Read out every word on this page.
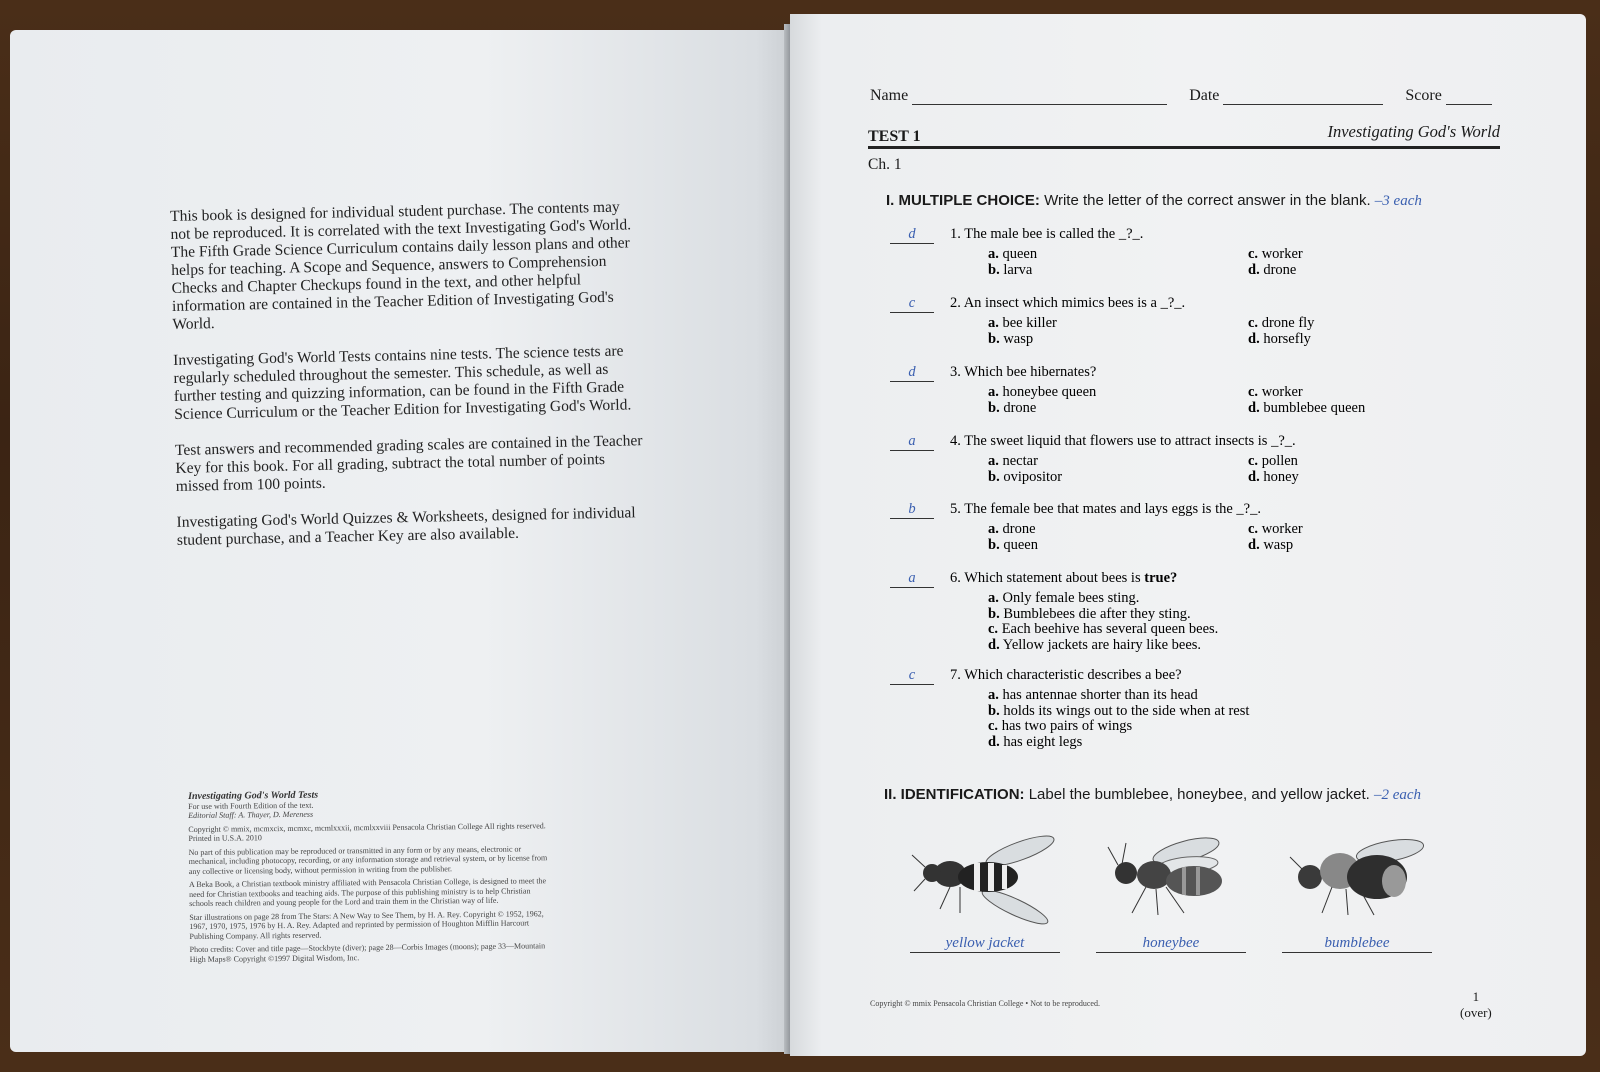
This book is designed for individual student purchase. The contents may not be reproduced. It is correlated with the text Investigating God's World. The Fifth Grade Science Curriculum contains daily lesson plans and other helps for teaching. A Scope and Sequence, answers to Comprehension Checks and Chapter Checkups found in the text, and other helpful information are contained in the Teacher Edition of Investigating God's World.

Investigating God's World Tests contains nine tests. The science tests are regularly scheduled throughout the semester. This schedule, as well as further testing and quizzing information, can be found in the Fifth Grade Science Curriculum or the Teacher Edition for Investigating God's World.

Test answers and recommended grading scales are contained in the Teacher Key for this book. For all grading, subtract the total number of points missed from 100 points.

Investigating God's World Quizzes & Worksheets, designed for individual student purchase, and a Teacher Key are also available.

Investigating God's World Tests
For use with Fourth Edition of the text.

Editorial Staff: A. Thayer, D. Mereness

Copyright © mmix, mcmxcix, mcmxc, mcmlxxxii, mcmlxxviii Pensacola Christian College All rights reserved. Printed in U.S.A. 2010

No part of this publication may be reproduced or transmitted in any form or by any means, electronic or mechanical, including photocopy, recording, or any information storage and retrieval system, or by license from any collective or licensing body, without permission in writing from the publisher.

A Beka Book, a Christian textbook ministry affiliated with Pensacola Christian College, is designed to meet the need for Christian textbooks and teaching aids. The purpose of this publishing ministry is to help Christian schools reach children and young people for the Lord and train them in the Christian way of life.

Star illustrations on page 28 from The Stars: A New Way to See Them, by H. A. Rey. Copyright © 1952, 1962, 1967, 1970, 1975, 1976 by H. A. Rey. Adapted and reprinted by permission of Houghton Mifflin Harcourt Publishing Company. All rights reserved.

Photo credits: Cover and title page—Stockbyte (diver); page 28—Corbis Images (moons); page 33—Mountain High Maps® Copyright ©1997 Digital Wisdom, Inc.

Name	Date	Score
TEST 1	Investigating God's World
Ch. 1
I. MULTIPLE CHOICE: Write the letter of the correct answer in the blank. –3 each
d 1. The male bee is called the _?_.
a. queen
b. larva
c. worker
d. drone
c 2. An insect which mimics bees is a _?_.
a. bee killer
b. wasp
c. drone fly
d. horsefly
d 3. Which bee hibernates?
a. honeybee queen
b. drone
c. worker
d. bumblebee queen
a 4. The sweet liquid that flowers use to attract insects is _?_.
a. nectar
b. ovipositor
c. pollen
d. honey
b 5. The female bee that mates and lays eggs is the _?_.
a. drone
b. queen
c. worker
d. wasp
a 6. Which statement about bees is true?
a. Only female bees sting.
b. Bumblebees die after they sting.
c. Each beehive has several queen bees.
d. Yellow jackets are hairy like bees.
c 7. Which characteristic describes a bee?
a. has antennae shorter than its head
b. holds its wings out to the side when at rest
c. has two pairs of wings
d. has eight legs
II. IDENTIFICATION: Label the bumblebee, honeybee, and yellow jacket. –2 each
yellow jacket	honeybee	bumblebee
Copyright © mmix Pensacola Christian College • Not to be reproduced.	1
(over)
